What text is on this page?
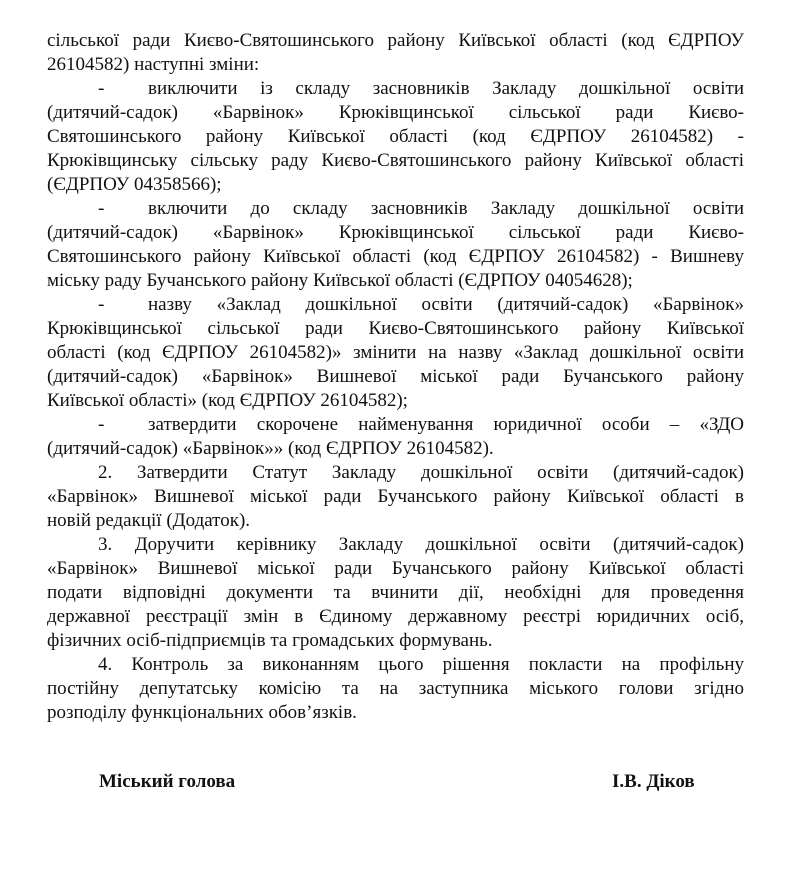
сільської ради Києво-Святошинського району Київської області (код ЄДРПОУ
26104582) наступні зміни:
- виключити із складу засновників Закладу дошкільної освіти
(дитячий-садок) «Барвінок» Крюківщинської сільської ради Києво-
Святошинського району Київської області (код ЄДРПОУ 26104582) -
Крюківщинську сільську раду Києво-Святошинського району Київської області
(ЄДРПОУ 04358566);
- включити до складу засновників Закладу дошкільної освіти
(дитячий-садок) «Барвінок» Крюківщинської сільської ради Києво-
Святошинського району Київської області (код ЄДРПОУ 26104582) - Вишневу
міську раду Бучанського району Київської області (ЄДРПОУ 04054628);
- назву «Заклад дошкільної освіти (дитячий-садок) «Барвінок»
Крюківщинської сільської ради Києво-Святошинського району Київської
області (код ЄДРПОУ 26104582)» змінити на назву «Заклад дошкільної освіти
(дитячий-садок) «Барвінок» Вишневої міської ради Бучанського району
Київської області» (код ЄДРПОУ 26104582);
- затвердити скорочене найменування юридичної особи – «ЗДО
(дитячий-садок) «Барвінок»» (код ЄДРПОУ 26104582).
2. Затвердити Статут Закладу дошкільної освіти (дитячий-садок)
«Барвінок» Вишневої міської ради Бучанського району Київської області в
новій редакції (Додаток).
3. Доручити керівнику Закладу дошкільної освіти (дитячий-садок)
«Барвінок» Вишневої міської ради Бучанського району Київської області
подати відповідні документи та вчинити дії, необхідні для проведення
державної реєстрації змін в Єдиному державному реєстрі юридичних осіб,
фізичних осіб-підприємців та громадських формувань.
4. Контроль за виконанням цього рішення покласти на профільну
постійну депутатську комісію та на заступника міського голови згідно
розподілу функціональних обов’язків.
Міський голова	І.В. Діков
